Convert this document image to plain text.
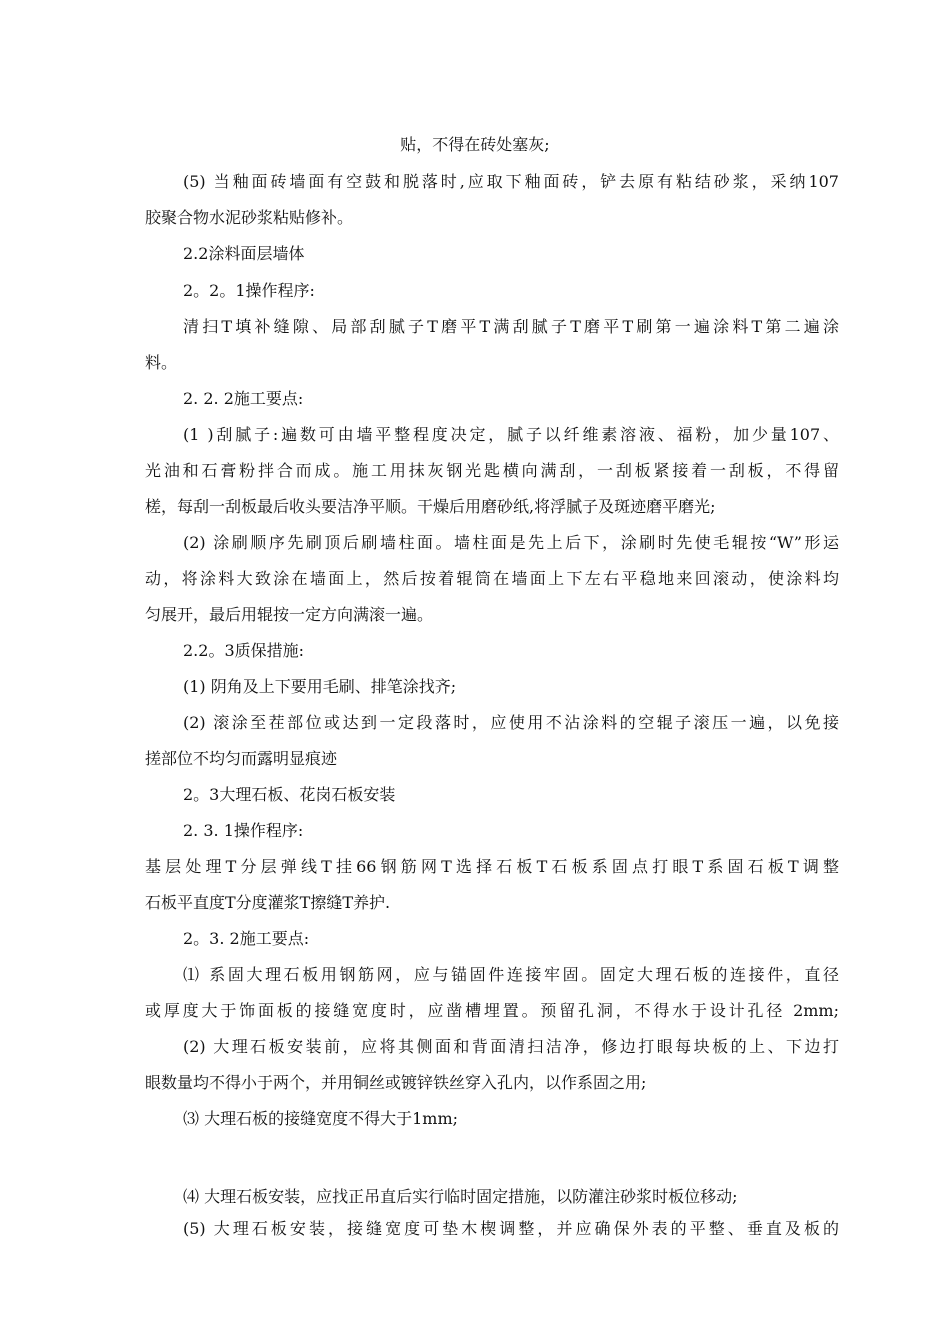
贴，不得在砖处塞灰;
(5) 当釉面砖墙面有空鼓和脱落时,应取下釉面砖，铲去原有粘结砂浆，采纳107
胶聚合物水泥砂浆粘贴修补。
2.2涂料面层墙体
2。2。1操作程序:
清扫T填补缝隙、局部刮腻子T磨平T满刮腻子T磨平T刷第一遍涂料T第二遍涂
料。
2. 2. 2施工要点:
(1 )刮腻子:遍数可由墙平整程度决定，腻子以纤维素溶液、福粉，加少量107、
光油和石膏粉拌合而成。施工用抹灰钢光匙横向满刮，一刮板紧接着一刮板，不得留
槎，每刮一刮板最后收头要洁净平顺。干燥后用磨砂纸,将浮腻子及斑迹磨平磨光;
(2) 涂刷顺序先刷顶后刷墙柱面。墙柱面是先上后下，涂刷时先使毛辊按“W”形运
动，将涂料大致涂在墙面上，然后按着辊筒在墙面上下左右平稳地来回滚动，使涂料均
匀展开，最后用辊按一定方向满滚一遍。
2.2。3质保措施:
(1) 阴角及上下要用毛刷、排笔涂找齐;
(2) 滚涂至茬部位或达到一定段落时，应使用不沾涂料的空辊子滚压一遍，以免接
搓部位不均匀而露明显痕迹
2。3大理石板、花岗石板安装
2. 3. 1操作程序:
基层处理T分层弹线T挂66钢筋网T选择石板T石板系固点打眼T系固石板T调整
石板平直度T分度灌浆T擦缝T养护.
2。3. 2施工要点:
⑴ 系固大理石板用钢筋网，应与锚固件连接牢固。固定大理石板的连接件，直径
或厚度大于饰面板的接缝宽度时，应凿槽埋置。预留孔洞，不得水于设计孔径 2mm;
(2) 大理石板安装前，应将其侧面和背面清扫洁净，修边打眼每块板的上、下边打
眼数量均不得小于两个，并用铜丝或镀锌铁丝穿入孔内，以作系固之用;
⑶ 大理石板的接缝宽度不得大于1mm;
⑷ 大理石板安装，应找正吊直后实行临时固定措施，以防灌注砂浆时板位移动;
(5) 大理石板安装，接缝宽度可垫木楔调整，并应确保外表的平整、垂直及板的
